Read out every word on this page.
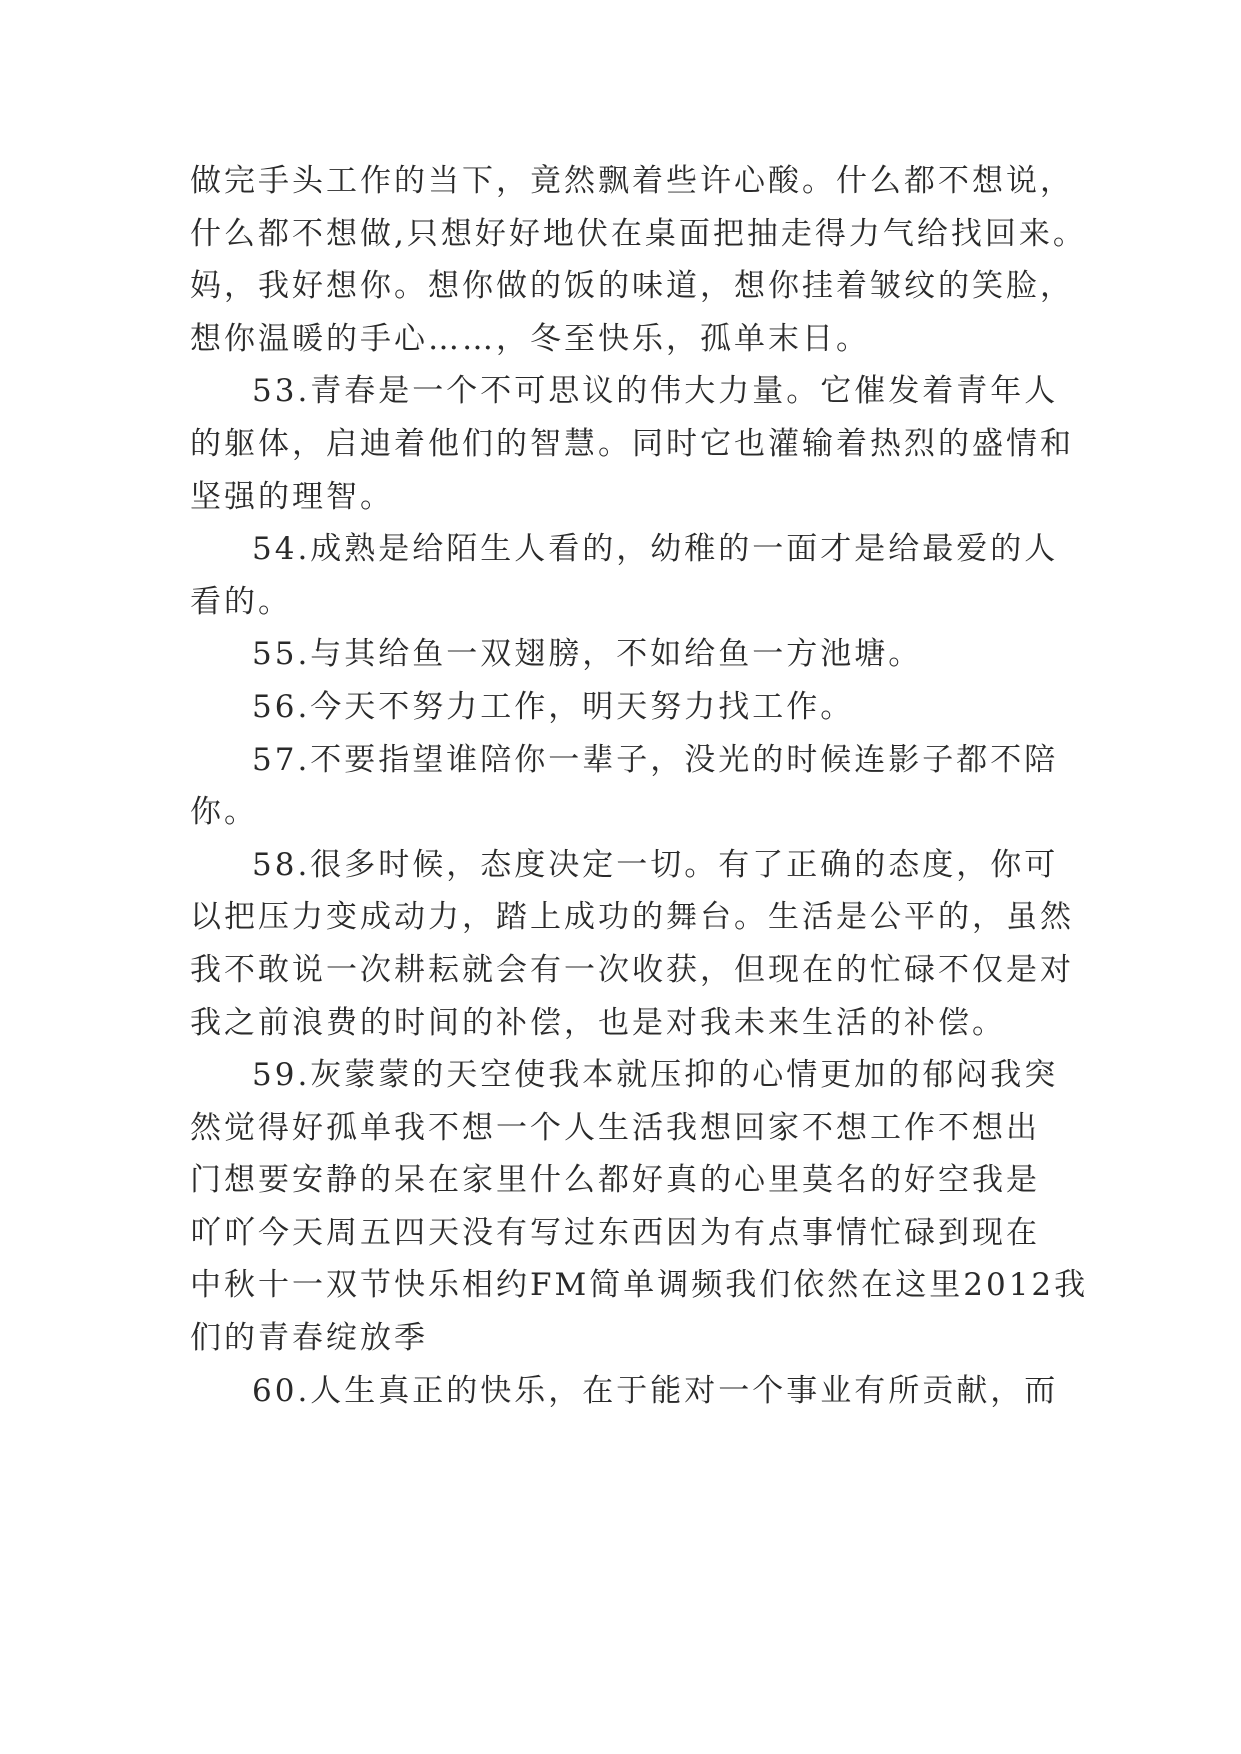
做完手头工作的当下，竟然飘着些许心酸。什么都不想说，
什么都不想做,只想好好地伏在桌面把抽走得力气给找回来。
妈，我好想你。想你做的饭的味道，想你挂着皱纹的笑脸，
想你温暖的手心……，冬至快乐，孤单末日。
53.青春是一个不可思议的伟大力量。它催发着青年人
的躯体，启迪着他们的智慧。同时它也灌输着热烈的盛情和
坚强的理智。
54.成熟是给陌生人看的，幼稚的一面才是给最爱的人
看的。
55.与其给鱼一双翅膀，不如给鱼一方池塘。
56.今天不努力工作，明天努力找工作。
57.不要指望谁陪你一辈子，没光的时候连影子都不陪
你。
58.很多时候，态度决定一切。有了正确的态度，你可
以把压力变成动力，踏上成功的舞台。生活是公平的，虽然
我不敢说一次耕耘就会有一次收获，但现在的忙碌不仅是对
我之前浪费的时间的补偿，也是对我未来生活的补偿。
59.灰蒙蒙的天空使我本就压抑的心情更加的郁闷我突
然觉得好孤单我不想一个人生活我想回家不想工作不想出
门想要安静的呆在家里什么都好真的心里莫名的好空我是
吖吖今天周五四天没有写过东西因为有点事情忙碌到现在
中秋十一双节快乐相约FM简单调频我们依然在这里2012我
们的青春绽放季
60.人生真正的快乐，在于能对一个事业有所贡献，而
